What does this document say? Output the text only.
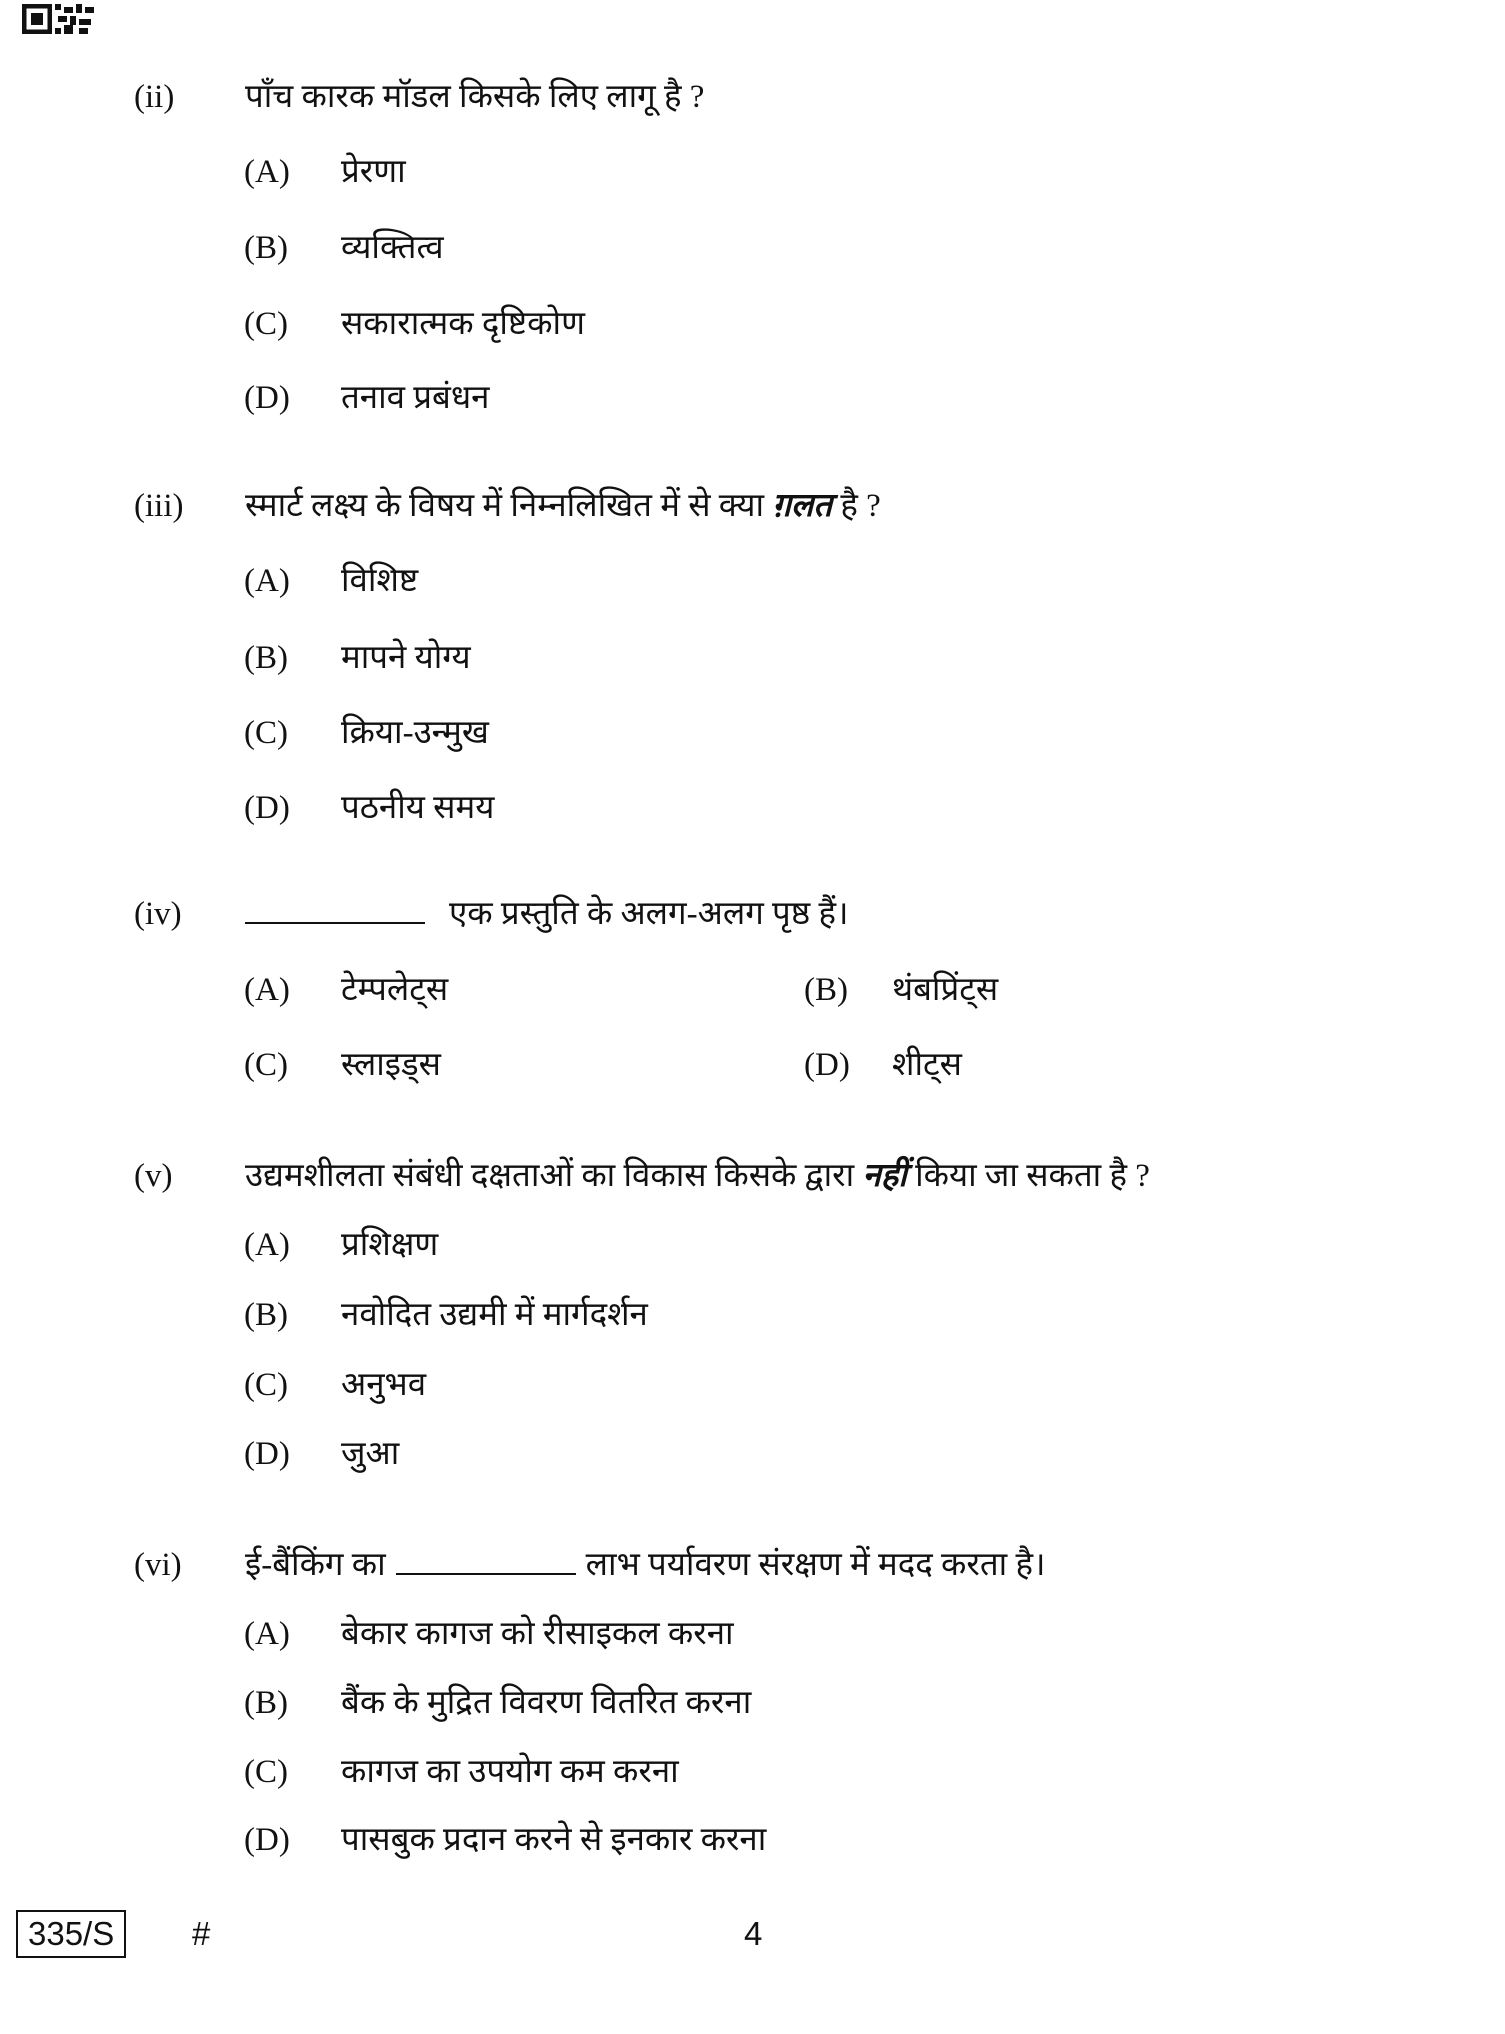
(ii) पाँच कारक मॉडल किसके लिए लागू है ?
(A) प्रेरणा
(B) व्यक्तित्व
(C) सकारात्मक दृष्टिकोण
(D) तनाव प्रबंधन
(iii) स्मार्ट लक्ष्य के विषय में निम्नलिखित में से क्या ग़लत है ?
(A) विशिष्ट
(B) मापने योग्य
(C) क्रिया-उन्मुख
(D) पठनीय समय
(iv)	एक प्रस्तुति के अलग-अलग पृष्ठ हैं।
(A) टेम्पलेट्स	(B) थंबप्रिंट्स
(C) स्लाइड्स	(D) शीट्स
(v) उद्यमशीलता संबंधी दक्षताओं का विकास किसके द्वारा नहीं किया जा सकता है ?
(A) प्रशिक्षण
(B) नवोदित उद्यमी में मार्गदर्शन
(C) अनुभव
(D) जुआ
(vi) ई-बैंकिंग का	लाभ पर्यावरण संरक्षण में मदद करता है।
(A) बेकार कागज को रीसाइकल करना
(B) बैंक के मुद्रित विवरण वितरित करना
(C) कागज का उपयोग कम करना
(D) पासबुक प्रदान करने से इनकार करना
335/S	#	4
